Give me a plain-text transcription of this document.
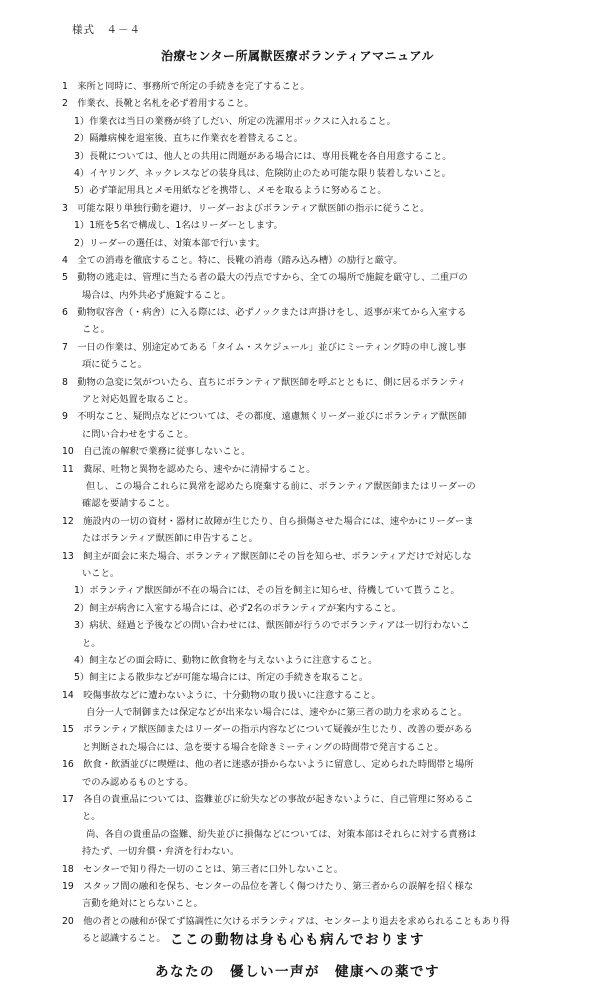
様式　４－４
治療センター所属獣医療ボランティアマニュアル
1　来所と同時に、事務所で所定の手続きを完了すること。
2　作業衣、長靴と名札を必ず着用すること。
1）作業衣は当日の業務が終了しだい、所定の洗濯用ボックスに入れること。
2）隔離病棟を退室後、直ちに作業衣を着替えること。
3）長靴については、他人との共用に問題がある場合には、専用長靴を各自用意すること。
4）イヤリング、ネックレスなどの装身具は、危険防止のため可能な限り装着しないこと。
5）必ず筆記用具とメモ用紙などを携帯し、メモを取るように努めること。
3　可能な限り単独行動を避け、リーダーおよびボランティア獣医師の指示に従うこと。
1）1班を5名で構成し、1名はリーダーとします。
2）リーダーの選任は、対策本部で行います。
4　全ての消毒を徹底すること。特に、長靴の消毒（踏み込み槽）の励行と厳守。
5　動物の逃走は、管理に当たる者の最大の汚点ですから、全ての場所で施錠を厳守し、二重戸の
場合は、内外共必ず施錠すること。
6　動物収容舎（・病舎）に入る際には、必ずノックまたは声掛けをし、返事が来てから入室する
こと。
7　一日の作業は、別途定めてある「タイム・スケジュール」並びにミーティング時の申し渡し事
項に従うこと。
8　動物の急変に気がついたら、直ちにボランティア獣医師を呼ぶとともに、側に居るボランティ
アと対応処置を取ること。
9　不明なこと、疑問点などについては、その都度、遠慮無くリーダー並びにボランティア獣医師
に問い合わせをすること。
10　自己流の解釈で業務に従事しないこと。
11　糞尿、吐物と異物を認めたら、速やかに清掃すること。
但し、この場合これらに異常を認めたら廃棄する前に、ボランティア獣医師またはリーダーの
確認を要請すること。
12　施設内の一切の資材・器材に故障が生じたり、自ら損傷させた場合には、速やかにリーダーま
たはボランティア獣医師に申告すること。
13　飼主が面会に来た場合、ボランティア獣医師にその旨を知らせ、ボランティアだけで対応しな
いこと。
1）ボランティア獣医師が不在の場合には、その旨を飼主に知らせ、待機していて貰うこと。
2）飼主が病舎に入室する場合には、必ず2名のボランティアが案内すること。
3）病状、経過と予後などの問い合わせには、獣医師が行うのでボランティアは一切行わないこ
と。
4）飼主などの面会時に、動物に飲食物を与えないように注意すること。
5）飼主による散歩などが可能な場合には、所定の手続きを取ること。
14　咬傷事故などに遭わないように、十分動物の取り扱いに注意すること。
自分一人で制御または保定などが出来ない場合には、速やかに第三者の助力を求めること。
15　ボランティア獣医師またはリーダーの指示内容などについて疑義が生じたり、改善の要がある
と判断された場合には、急を要する場合を除きミーティングの時間帯で発言すること。
16　飲食・飲酒並びに喫煙は、他の者に迷惑が掛からないように留意し、定められた時間帯と場所
でのみ認めるものとする。
17　各自の貴重品については、盗難並びに紛失などの事故が起きないように、自己管理に努めるこ
と。
尚、各自の貴重品の盗難、紛失並びに損傷などについては、対策本部はそれらに対する責務は
持たず、一切弁償・弁済を行わない。
18　センターで知り得た一切のことは、第三者に口外しないこと。
19　スタッフ間の融和を保ち、センターの品位を著しく傷つけたり、第三者からの誤解を招く様な
言動を絶対にとらないこと。
20　他の者との融和が保てず協調性に欠けるボランティアは、センターより退去を求められることもあり得
ると認識すること。 ここの動物は身も心も病んでおります
あなたの　優しい一声が　健康への薬です
